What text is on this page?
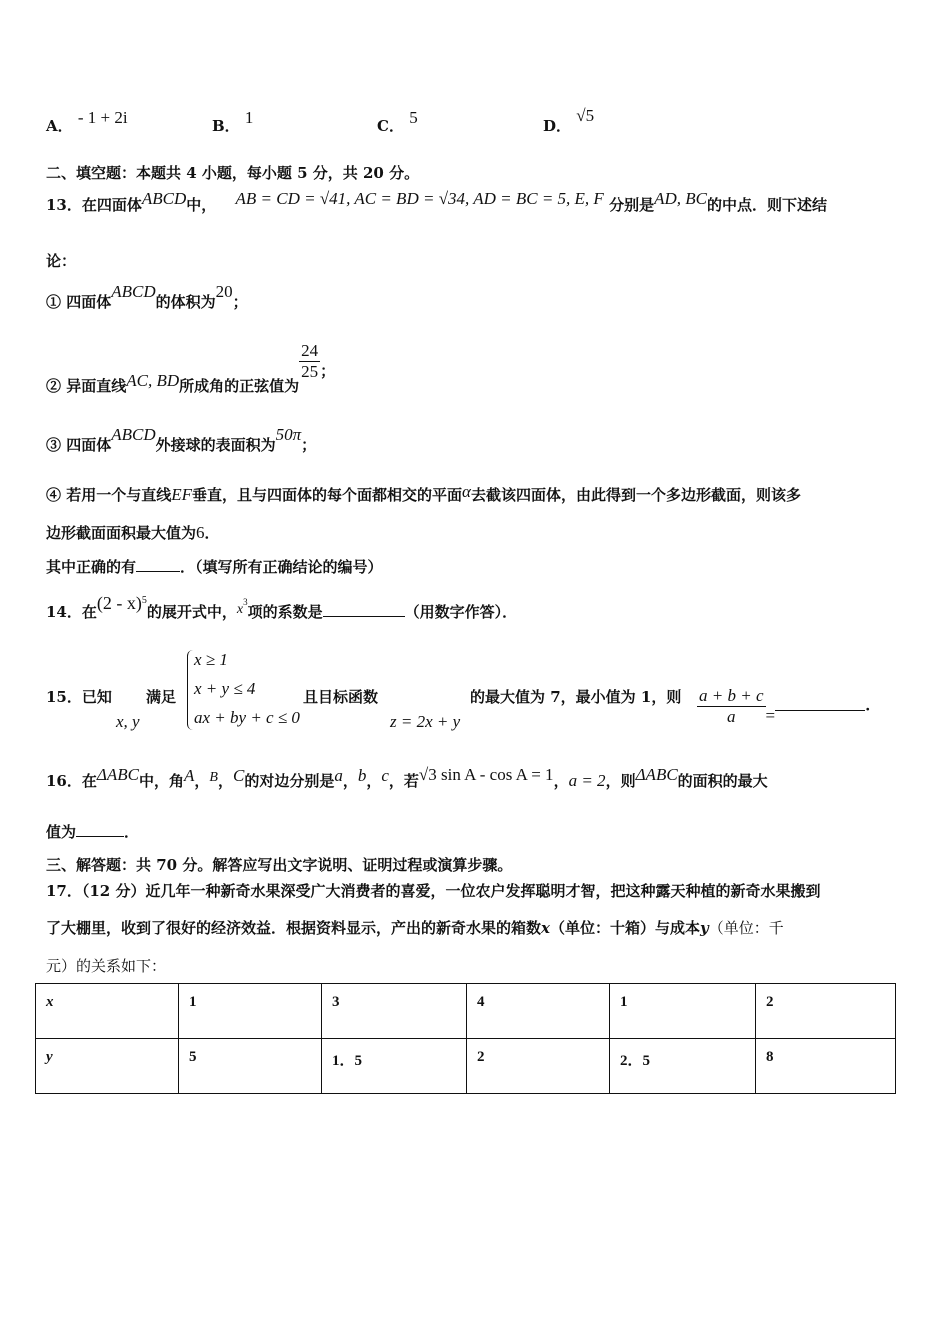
A． - 1 + 2i	B． 1	C． 5	D． √5
二、填空题：本题共 4 小题，每小题 5 分，共 20 分。
13．在四面体ABCD中， AB = CD = √41, AC = BD = √34, AD = BC = 5, E, F 分别是AD, BC的中点．则下述结
论：
① 四面体ABCD的体积为20；
② 异面直线AC, BD所成角的正弦值为
$\frac{24}{25}$ ；
③ 四面体ABCD外接球的表面积为50π；
④ 若用一个与直线EF垂直，且与四面体的每个面都相交的平面α去截该四面体，由此得到一个多边形截面，则该多
边形截面面积最大值为6．
其中正确的有	．（填写所有正确结论的编号）
14．在(2 - x)$^5$的展开式中，$x^3$项的系数是	（用数字作答）．
15．已知
x, y
满足
x ≥ 1
x + y ≤ 4
ax + by + c ≤ 0
且目标函数
z = 2x + y
的最大值为 7，最小值为 1，则 $\frac{a + b + c}{a}$ =	.
16．在ΔABC中，角A，B，C的对边分别是a，b，c，若√3 sin A - cos A = 1，a = 2，则ΔABC的面积的最大
值为	．
三、解答题：共 70 分。解答应写出文字说明、证明过程或演算步骤。
17．（12 分）近几年一种新奇水果深受广大消费者的喜爱，一位农户发挥聪明才智，把这种露天种植的新奇水果搬到
了大棚里，收到了很好的经济效益．根据资料显示，产出的新奇水果的箱数x（单位：十箱）与成本y（单位：千
元）的关系如下：
x	1	3	4	1	2
y	5	1．5	2	2．5	8
